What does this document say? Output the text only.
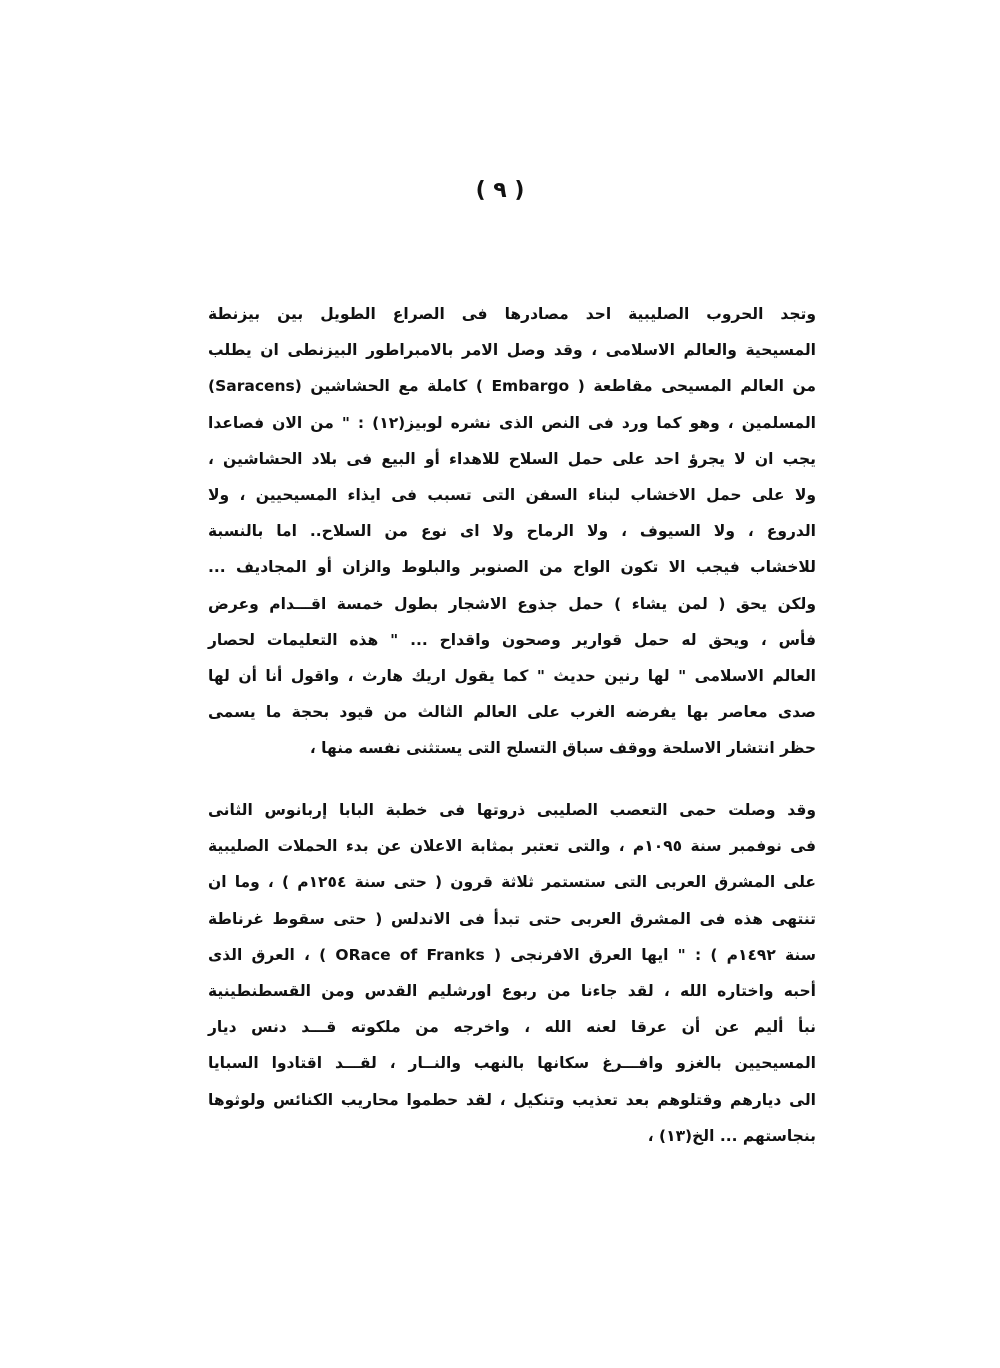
( ٩ )
وتجد الحروب الصليبية احد مصادرها فى الصراع الطويل بين بيزنطة
المسيحية والعالم الاسلامى ، وقد وصل الامر بالامبراطور البيزنطى ان يطلب
من العالم المسيحى مقاطعة ( Embargo ) كاملة مع الحشاشين (Saracens)
المسلمين ، وهو كما ورد فى النص الذى نشره لوبيز(١٢) : " من الان فصاعدا
يجب ان لا يجرؤ احد على حمل السلاح للاهداء أو البيع فى بلاد الحشاشين ،
ولا على حمل الاخشاب لبناء السفن التى تسبب فى ايذاء المسيحيين ، ولا
الدروع ، ولا السيوف ، ولا الرماح ولا اى نوع من السلاح.. اما بالنسبة
للاخشاب فيجب الا تكون الواح من الصنوبر والبلوط والزان أو المجاديف ...
ولكن يحق ( لمن يشاء ) حمل جذوع الاشجار بطول خمسة اقـــدام وعرض
فأس ، ويحق له حمل قوارير وصحون واقداح ... " هذه التعليمات لحصار
العالم الاسلامى " لها رنين حديث " كما يقول اريك هارث ، واقول أنا أن لها
صدى معاصر بها يفرضه الغرب على العالم الثالث من قيود بحجة ما يسمى
حظر انتشار الاسلحة ووقف سباق التسلح التى يستثنى نفسه منها ،
وقد وصلت حمى التعصب الصليبى ذروتها فى خطبة البابا إربانوس الثانى
فى نوفمبر سنة ١٠٩٥م ، والتى تعتبر بمثابة الاعلان عن بدء الحملات الصليبية
على المشرق العربى التى ستستمر ثلاثة قرون ( حتى سنة ١٢٥٤م ) ، وما ان
تنتهى هذه فى المشرق العربى حتى تبدأ فى الاندلس ( حتى سقوط غرناطة
سنة ١٤٩٢م ) : " ايها العرق الافرنجى ( ORace of Franks ) ، العرق الذى
أحبه واختاره الله ، لقد جاءنا من ربوع اورشليم القدس ومن القسطنطينية
نبأ أليم عن أن عرقا لعنه الله ، واخرجه من ملكوته قـــد دنس ديار
المسيحيين بالغزو وافـــرغ سكانها بالنهب والنــار ، لقـــد اقتادوا السبايا
الى ديارهم وقتلوهم بعد تعذيب وتنكيل ، لقد حطموا محاريب الكنائس ولوثوها
بنجاستهم ... الخ(١٣) ،
